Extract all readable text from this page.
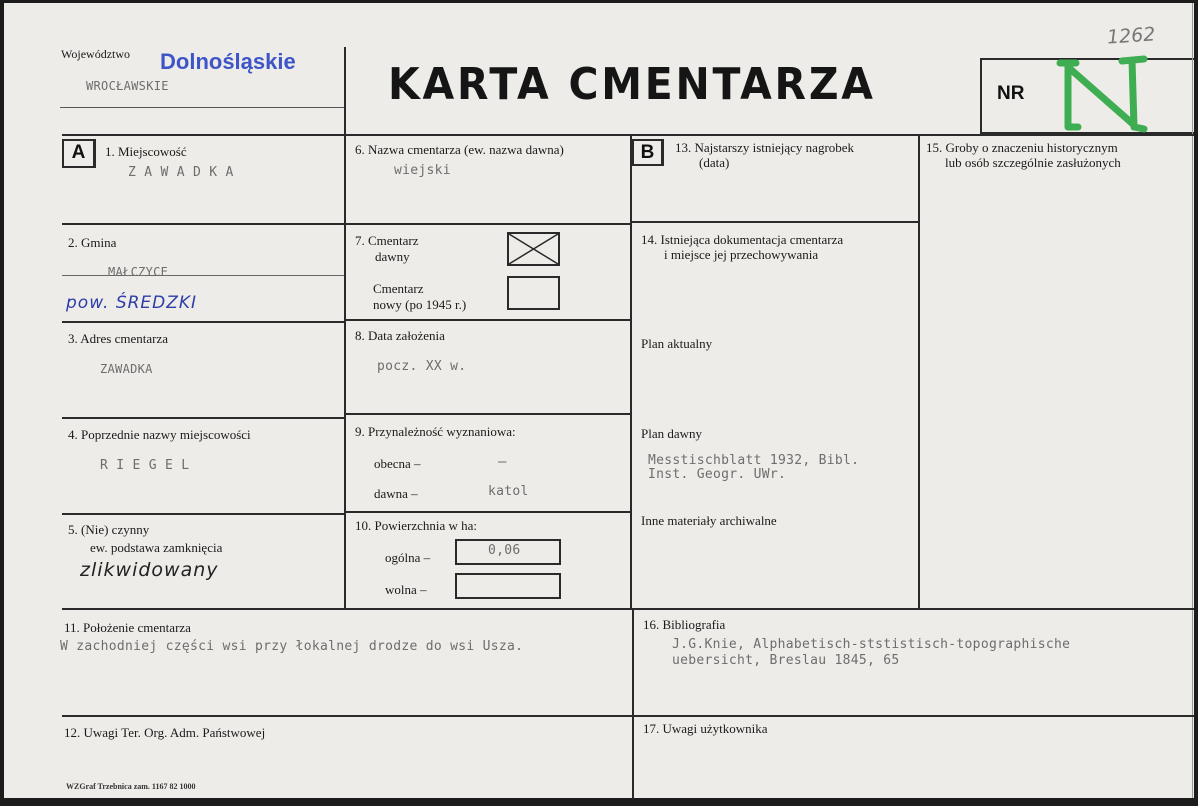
Województwo Dolnośląskie
WROCŁAWSKIE	KARTA CMENTARZA
1262
NR
A	B
1. Miejscowość
Z A W A D K A
2. Gmina
MAŁCZYCE
pow. ŚREDZKI
3. Adres cmentarza
ZAWADKA
4. Poprzednie nazwy miejscowości
R I E G E L
5. (Nie) czynny
ew. podstawa zamknięcia
zlikwidowany
6. Nazwa cmentarza (ew. nazwa dawna)
wiejski
7. Cmentarz
dawny
Cmentarz
nowy (po 1945 r.)
8. Data założenia
pocz. XX w.
9. Przynależność wyznaniowa:
obecna –	–
dawna –	katol
10. Powierzchnia w ha:
ogólna –	0,06
wolna –
13. Najstarszy istniejący nagrobek
(data)
14. Istniejąca dokumentacja cmentarza
i miejsce jej przechowywania
Plan aktualny
Plan dawny
Messtischblatt 1932, Bibl.
Inst. Geogr. UWr.
Inne materiały archiwalne
15. Groby o znaczeniu historycznym
lub osób szczególnie zasłużonych
11. Położenie cmentarza
W zachodniej części wsi przy łokalnej drodze do wsi Usza.
16. Bibliografia
J.G.Knie, Alphabetisch-ststistisch-topographische
uebersicht, Breslau 1845, 65
12. Uwagi Ter. Org. Adm. Państwowej	17. Uwagi użytkownika
WZGraf Trzebnica zam. 1167 82 1000
